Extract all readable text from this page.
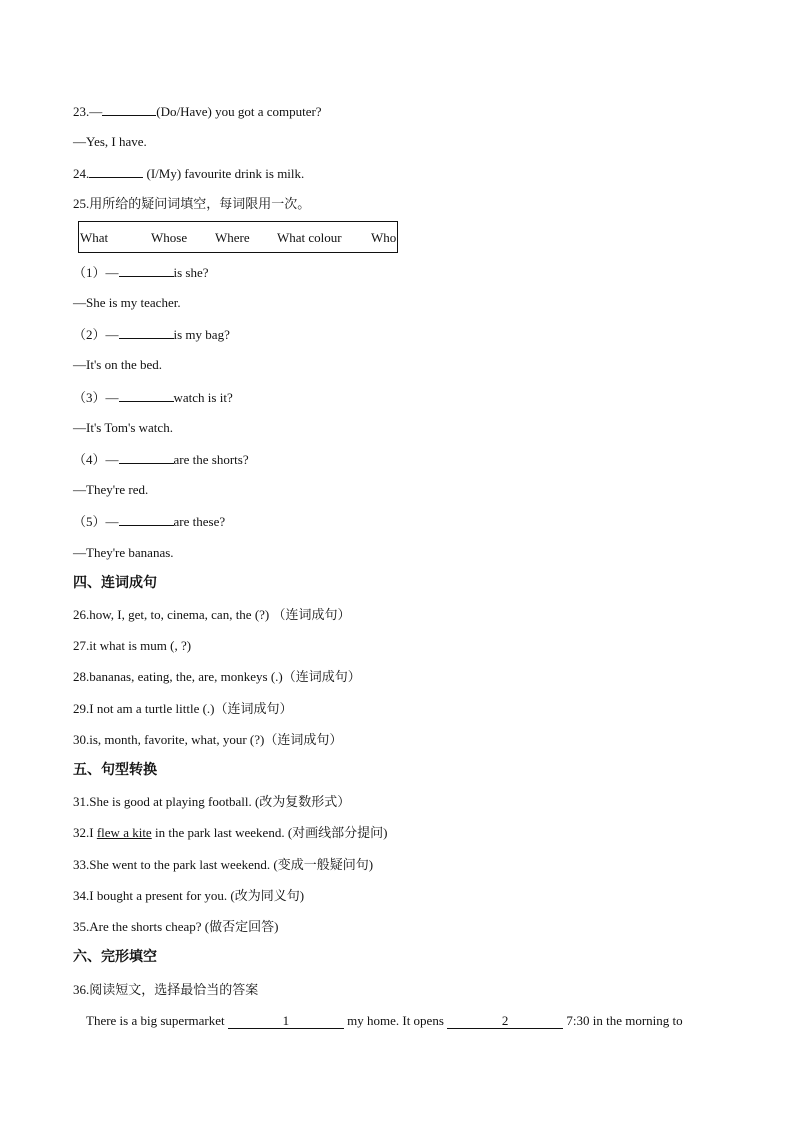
23.—	(Do/Have) you got a computer?
—Yes, I have.
24.	(I/My) favourite drink is milk.
25.用所给的疑问词填空，每词限用一次。
What	Whose Where What colour Who
（1）—	is she?
—She is my teacher.
（2）—	is my bag?
—It's on the bed.
（3）—	watch is it?
—It's Tom's watch.
（4）—	are the shorts?
—They're red.
（5）—	are these?
—They're bananas.
四、连词成句
26.how, I, get, to, cinema, can, the (?) （连词成句）
27.it what is mum (, ?)
28.bananas, eating, the, are, monkeys (.)（连词成句）
29.I not am a turtle little (.)（连词成句）
30.is, month, favorite, what, your (?)（连词成句）
五、句型转换
31.She is good at playing football. (改为复数形式）
32.I flew a kite in the park last weekend. (对画线部分提问)
33.She went to the park last weekend. (变成一般疑问句)
34.I bought a present for you. (改为同义句)
35.Are the shorts cheap? (做否定回答)
六、完形填空
36.阅读短文，选择最恰当的答案
There is a big supermarket	1	my home. It opens	2	7:30 in the morning to
